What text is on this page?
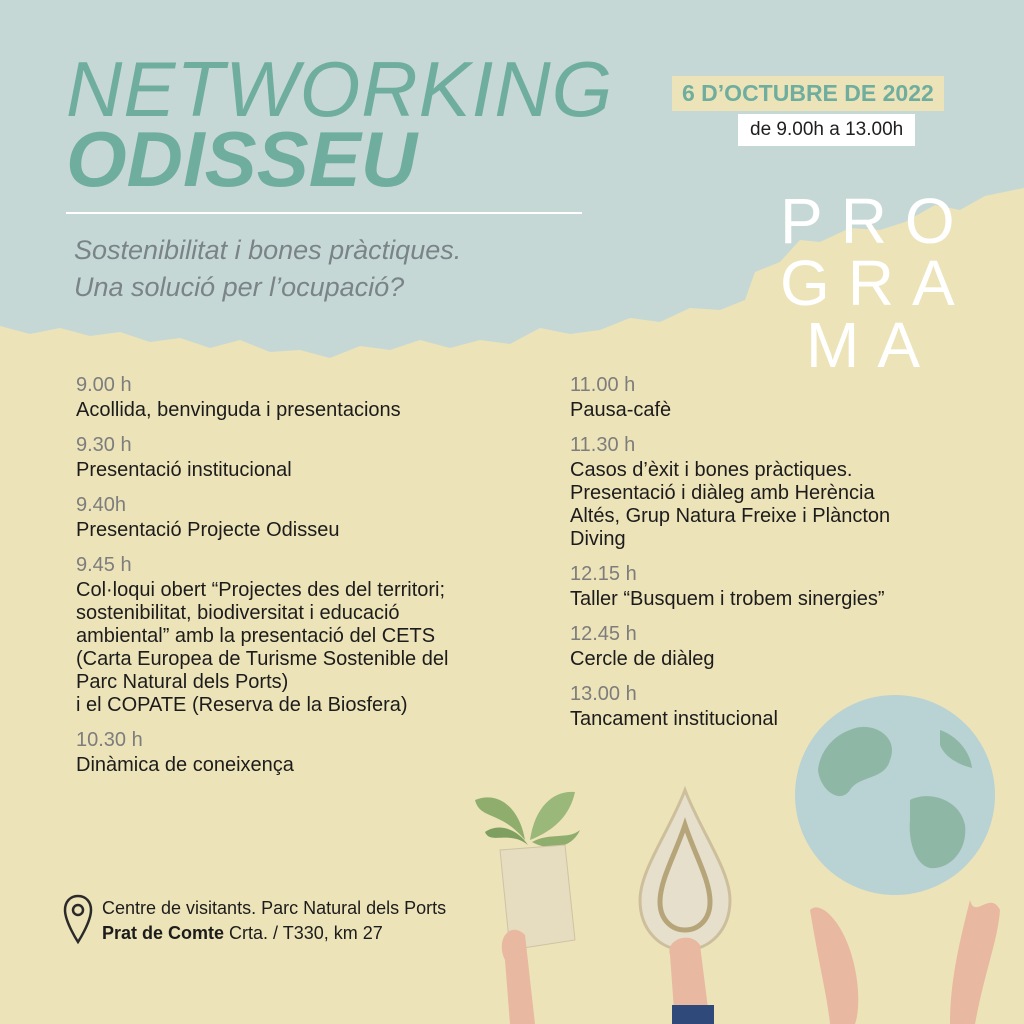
NETWORKING
ODISSEU
Sostenibilitat i bones pràctiques.
Una solució per l’ocupació?
6 D’OCTUBRE DE 2022
de 9.00h a 13.00h
PRO
GRA
MA
9.00 h
Acollida, benvinguda i presentacions
9.30 h
Presentació institucional
9.40h
Presentació Projecte Odisseu
9.45 h
Col·loqui obert “Projectes des del territori;
sostenibilitat, biodiversitat i educació
ambiental” amb la presentació del CETS
(Carta Europea de Turisme Sostenible del
Parc Natural dels Ports)
i el COPATE (Reserva de la Biosfera)
10.30 h
Dinàmica de coneixença
11.00 h
Pausa-cafè
11.30 h
Casos d’èxit i bones pràctiques.
Presentació i diàleg amb Herència
Altés, Grup Natura Freixe i Plàncton
Diving
12.15 h
Taller “Busquem i trobem sinergies”
12.45 h
Cercle de diàleg
13.00 h
Tancament institucional
Centre de visitants. Parc Natural dels Ports
Prat de Comte Crta. / T330, km 27
